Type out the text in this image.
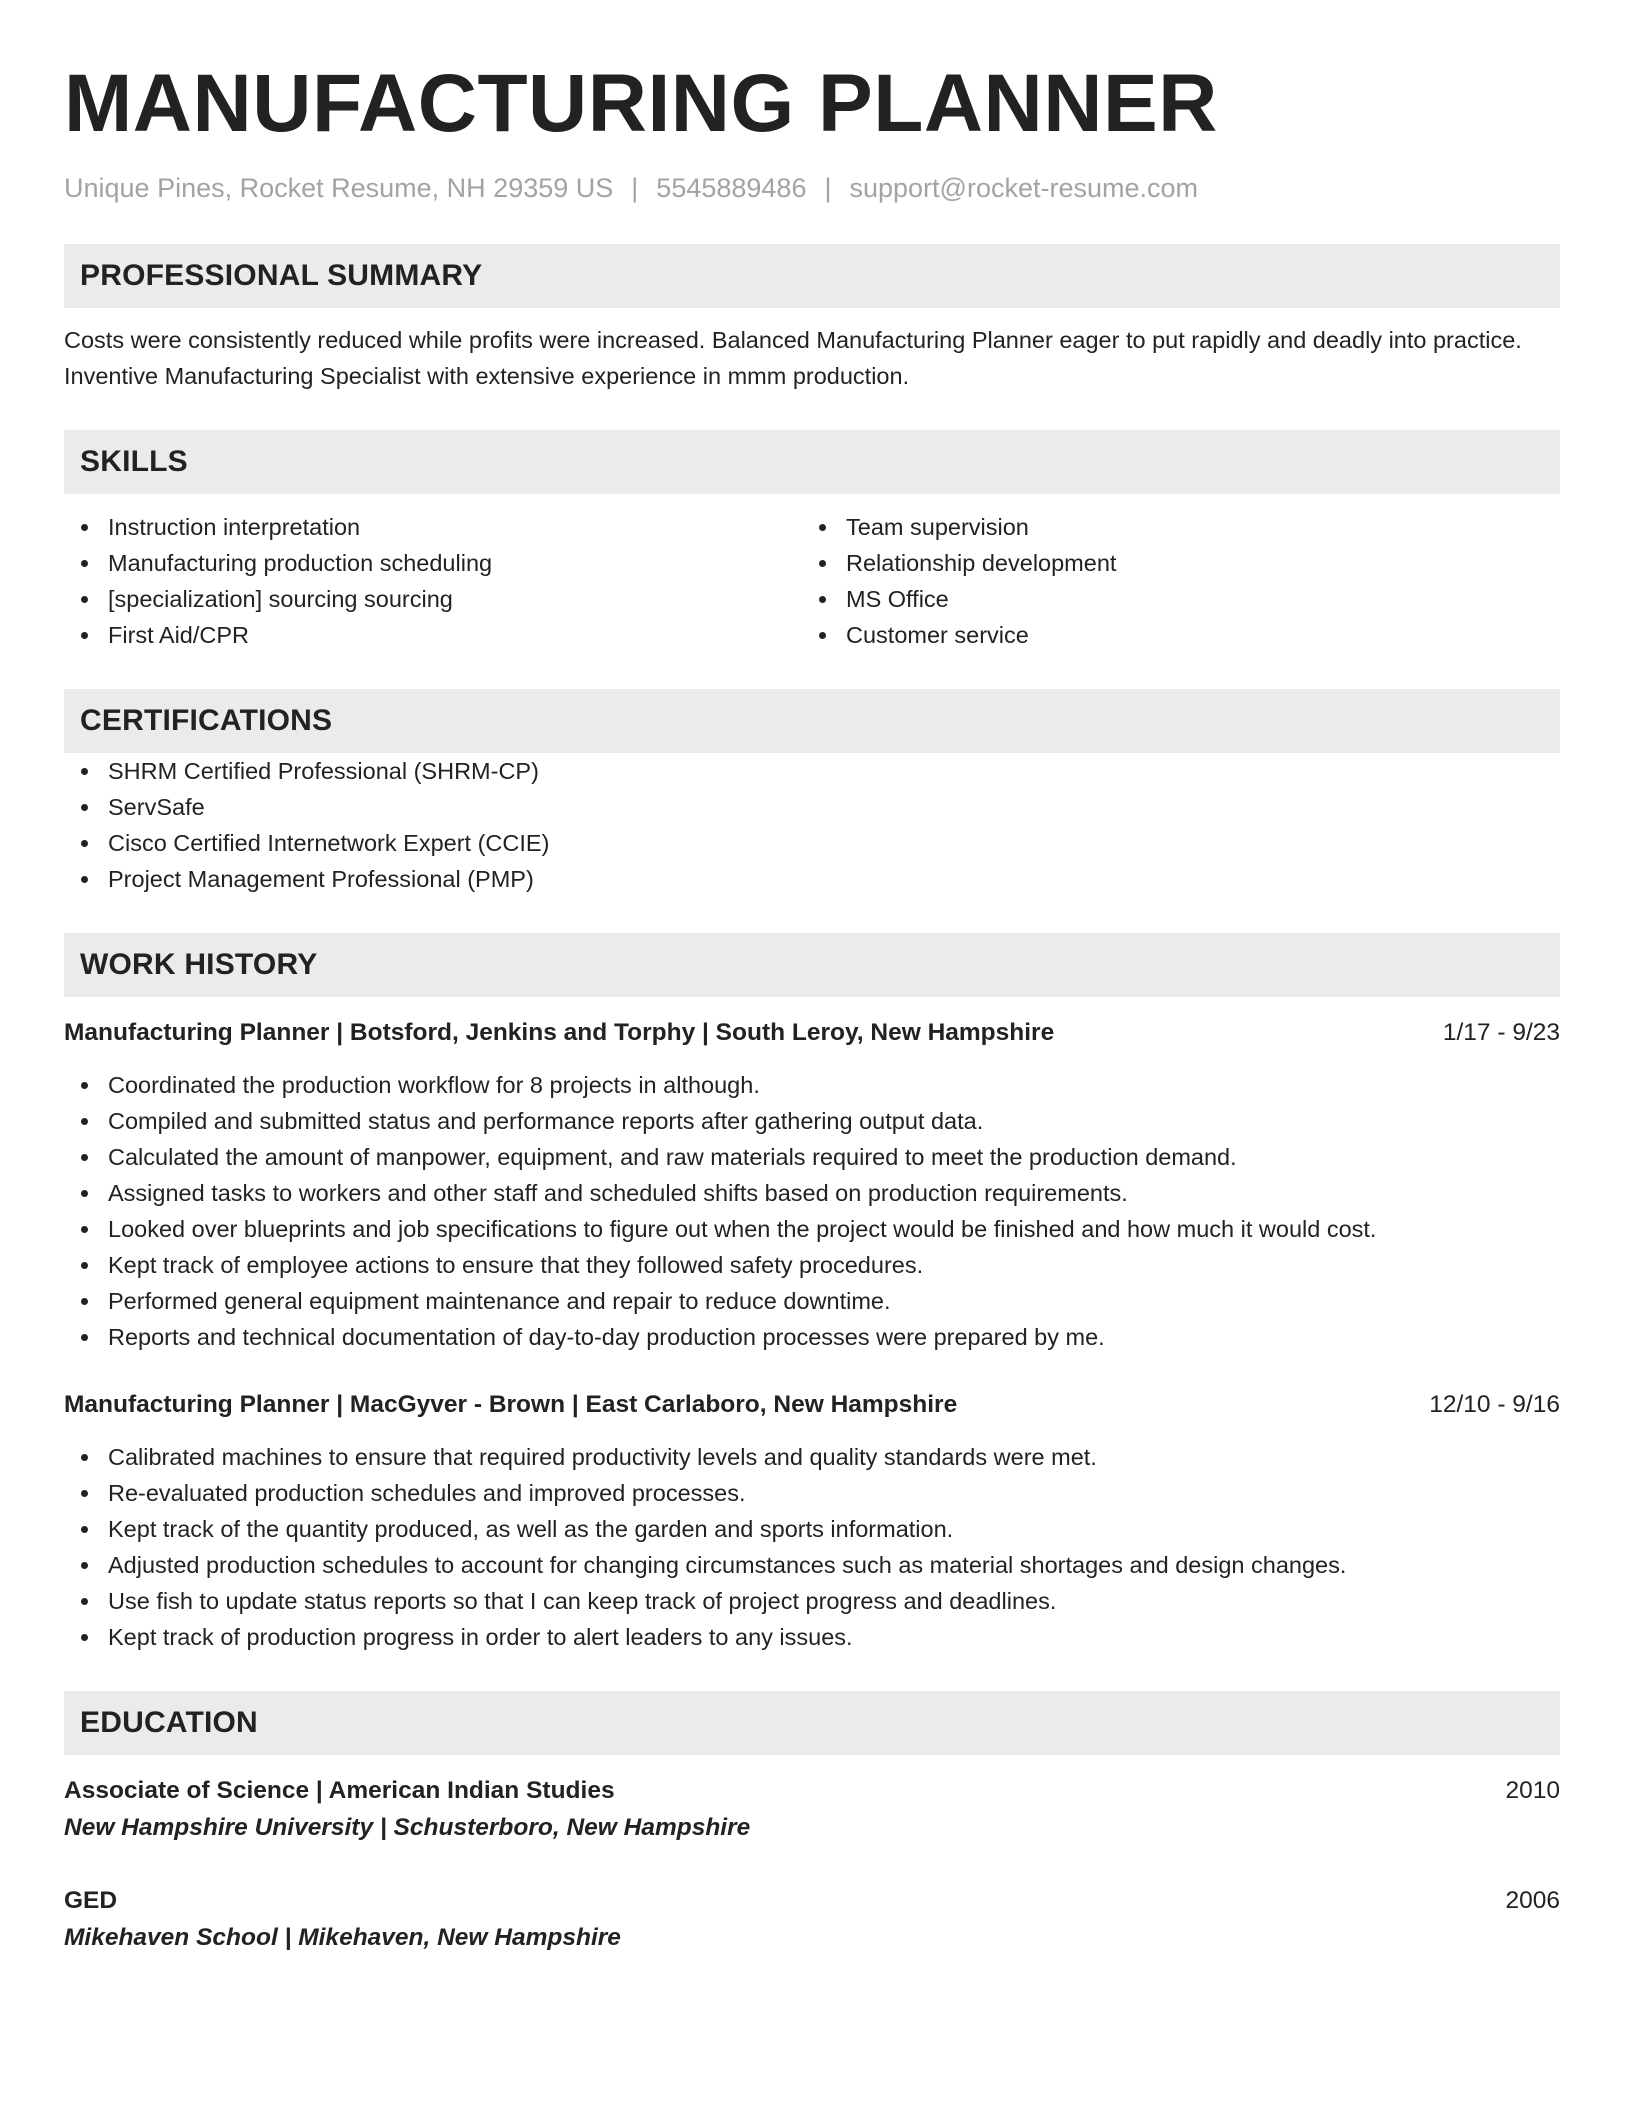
MANUFACTURING PLANNER
Unique Pines, Rocket Resume, NH 29359 US | 5545889486 | support@rocket-resume.com
PROFESSIONAL SUMMARY
Costs were consistently reduced while profits were increased. Balanced Manufacturing Planner eager to put rapidly and deadly into practice. Inventive Manufacturing Specialist with extensive experience in mmm production.
SKILLS
Instruction interpretation
Manufacturing production scheduling
[specialization] sourcing sourcing
First Aid/CPR
Team supervision
Relationship development
MS Office
Customer service
CERTIFICATIONS
SHRM Certified Professional (SHRM-CP)
ServSafe
Cisco Certified Internetwork Expert (CCIE)
Project Management Professional (PMP)
WORK HISTORY
Manufacturing Planner | Botsford, Jenkins and Torphy | South Leroy, New Hampshire	1/17 - 9/23
Coordinated the production workflow for 8 projects in although.
Compiled and submitted status and performance reports after gathering output data.
Calculated the amount of manpower, equipment, and raw materials required to meet the production demand.
Assigned tasks to workers and other staff and scheduled shifts based on production requirements.
Looked over blueprints and job specifications to figure out when the project would be finished and how much it would cost.
Kept track of employee actions to ensure that they followed safety procedures.
Performed general equipment maintenance and repair to reduce downtime.
Reports and technical documentation of day-to-day production processes were prepared by me.
Manufacturing Planner | MacGyver - Brown | East Carlaboro, New Hampshire	12/10 - 9/16
Calibrated machines to ensure that required productivity levels and quality standards were met.
Re-evaluated production schedules and improved processes.
Kept track of the quantity produced, as well as the garden and sports information.
Adjusted production schedules to account for changing circumstances such as material shortages and design changes.
Use fish to update status reports so that I can keep track of project progress and deadlines.
Kept track of production progress in order to alert leaders to any issues.
EDUCATION
Associate of Science | American Indian Studies	2010
New Hampshire University | Schusterboro, New Hampshire
GED	2006
Mikehaven School | Mikehaven, New Hampshire
